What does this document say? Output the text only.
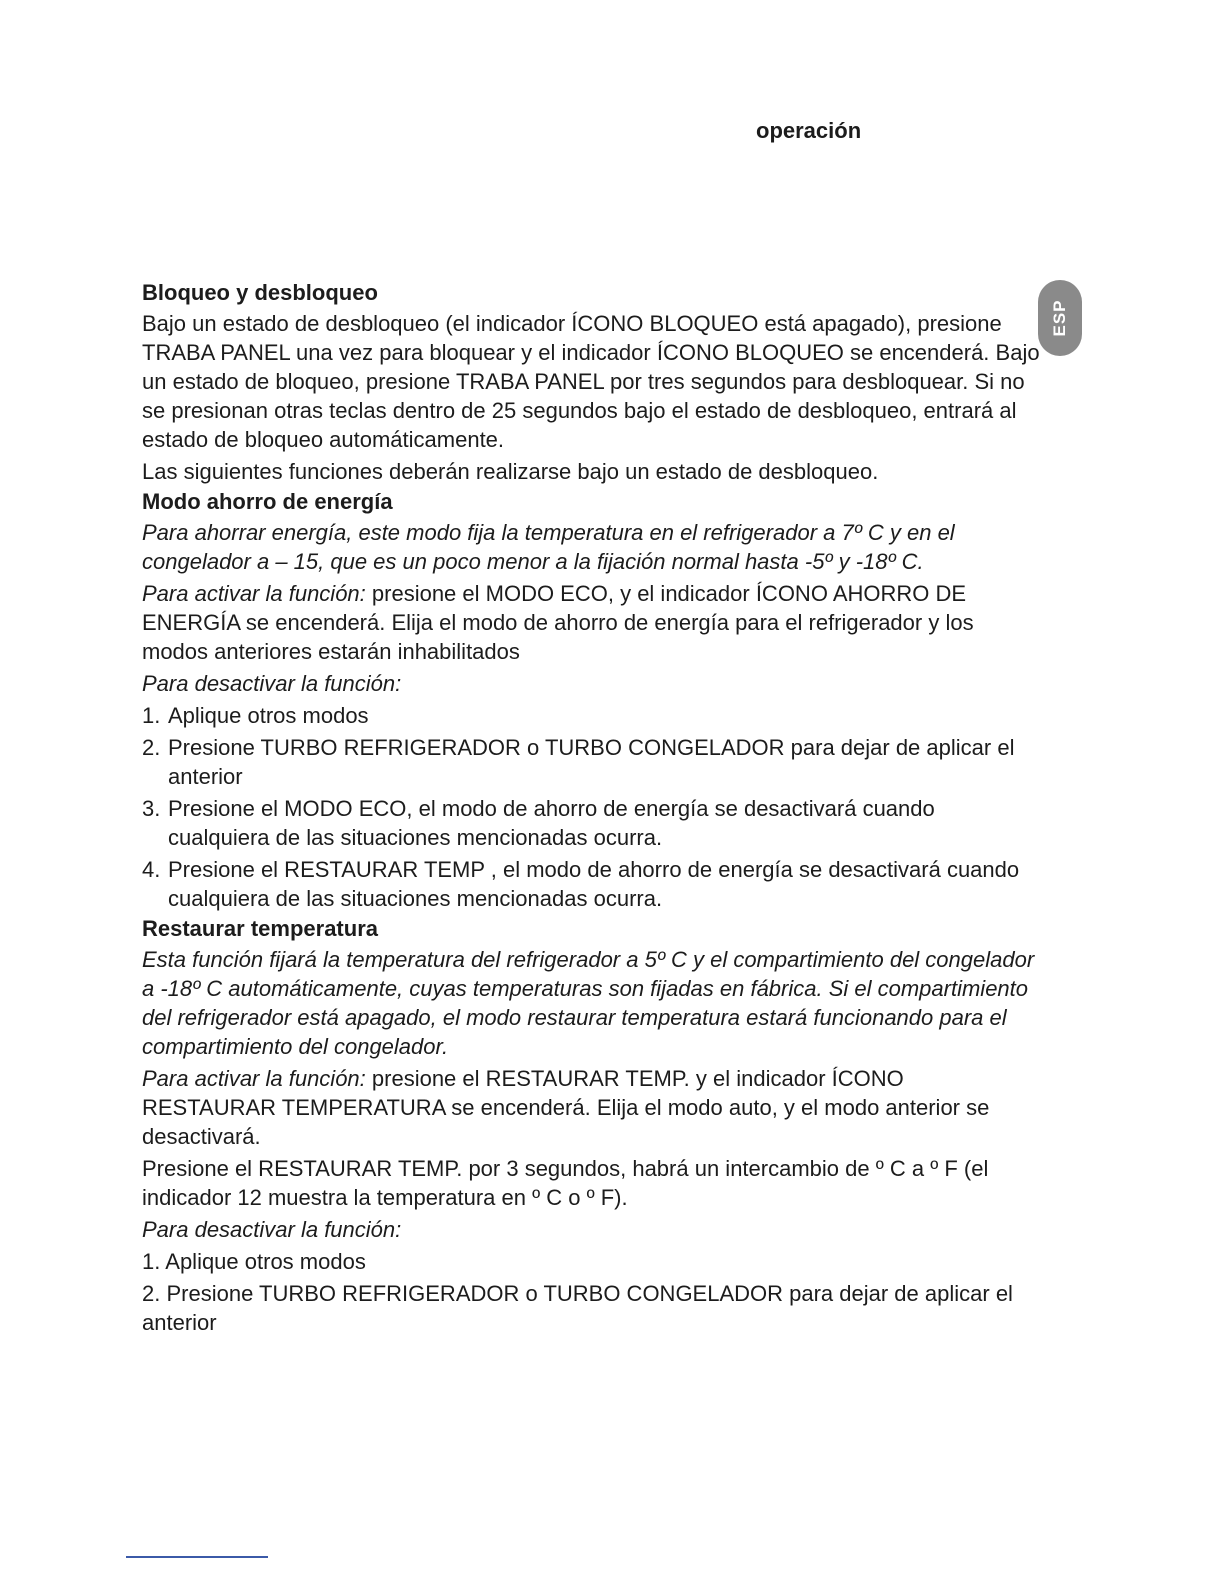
operación
ESP
Bloqueo y desbloqueo

Bajo un estado de desbloqueo (el indicador ÍCONO BLOQUEO está apagado), presione TRABA PANEL una vez para bloquear y el indicador ÍCONO BLOQUEO se encenderá. Bajo un estado de bloqueo, presione TRABA PANEL por tres segundos para desbloquear. Si no se presionan otras teclas dentro de 25 segundos bajo el estado de desbloqueo, entrará al estado de bloqueo automáticamente.

Las siguientes funciones deberán realizarse bajo un estado de desbloqueo.

Modo ahorro de energía

Para ahorrar energía, este modo fija la temperatura en el refrigerador a 7º C y en el congelador a – 15, que es un poco menor a la fijación normal hasta -5º y -18º C.

Para activar la función: presione el MODO ECO, y el indicador ÍCONO AHORRO DE ENERGÍA se encenderá. Elija el modo de ahorro de energía para el refrigerador y los modos anteriores estarán inhabilitados

Para desactivar la función:

1. Aplique otros modos
2. Presione TURBO REFRIGERADOR o TURBO CONGELADOR para dejar de aplicar el anterior
3. Presione el MODO ECO, el modo de ahorro de energía se desactivará cuando cualquiera de las situaciones mencionadas ocurra.
4. Presione el RESTAURAR TEMP , el modo de ahorro de energía se desactivará cuando cualquiera de las situaciones mencionadas ocurra.
Restaurar temperatura

Esta función fijará la temperatura del refrigerador a 5º C y el compartimiento del congelador a -18º C automáticamente, cuyas temperaturas son fijadas en fábrica. Si el compartimiento del refrigerador está apagado, el modo restaurar temperatura estará funcionando para el compartimiento del congelador.

Para activar la función: presione el RESTAURAR TEMP. y el indicador ÍCONO RESTAURAR TEMPERATURA se encenderá. Elija el modo auto, y el modo anterior se desactivará.

Presione el RESTAURAR TEMP. por 3 segundos, habrá un intercambio de º C a º F (el indicador 12 muestra la temperatura en º C o º F).

Para desactivar la función:

1. Aplique otros modos
2. Presione TURBO REFRIGERADOR o TURBO CONGELADOR para dejar de aplicar el anterior
